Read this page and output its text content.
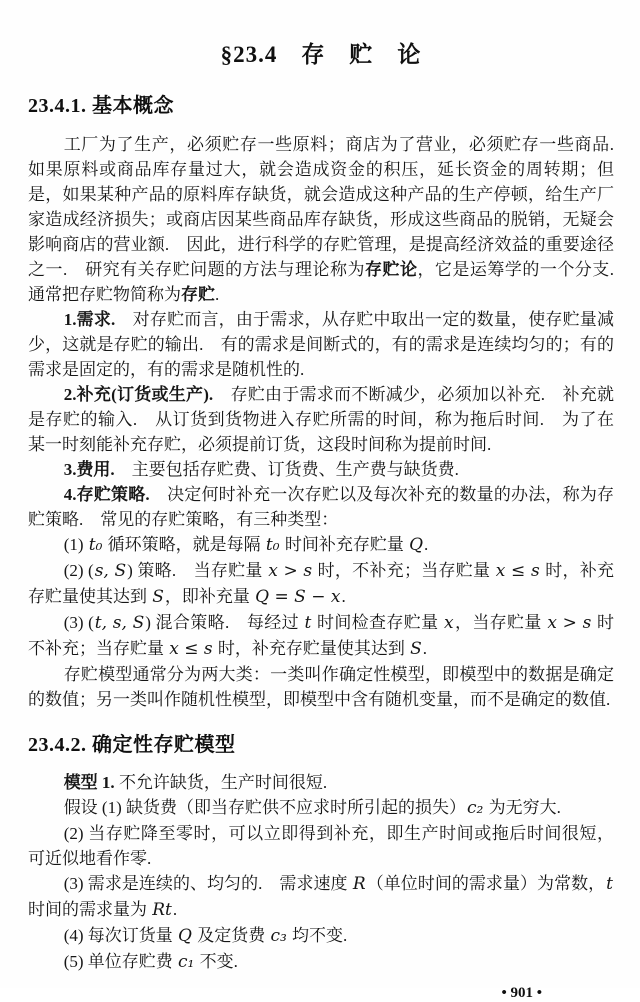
§23.4　存　贮　论
23.4.1. 基本概念

工厂为了生产，必须贮存一些原料；商店为了营业，必须贮存一些商品.　如果原料或商品库存量过大，就会造成资金的积压，延长资金的周转期；但是，如果某种产品的原料库存缺货，就会造成这种产品的生产停顿，给生产厂家造成经济损失；或商店因某些商品库存缺货，形成这些商品的脱销，无疑会影响商店的营业额.　因此，进行科学的存贮管理，是提高经济效益的重要途径之一.　研究有关存贮问题的方法与理论称为存贮论，它是运筹学的一个分支.　通常把存贮物简称为存贮.

1.需求.　对存贮而言，由于需求，从存贮中取出一定的数量，使存贮量减少，这就是存贮的输出.　有的需求是间断式的，有的需求是连续均匀的；有的需求是固定的，有的需求是随机性的.

2.补充(订货或生产).　存贮由于需求而不断减少，必须加以补充.　补充就是存贮的输入.　从订货到货物进入存贮所需的时间，称为拖后时间.　为了在某一时刻能补充存贮，必须提前订货，这段时间称为提前时间.

3.费用.　主要包括存贮费、订货费、生产费与缺货费.

4.存贮策略.　决定何时补充一次存贮以及每次补充的数量的办法，称为存贮策略.　常见的存贮策略，有三种类型：

(1) t₀ 循环策略，就是每隔 t₀ 时间补充存贮量 Q.

(2) (s, S) 策略.　当存贮量 x > s 时，不补充；当存贮量 x ≤ s 时，补充存贮量使其达到 S，即补充量 Q = S − x.

(3) (t, s, S) 混合策略.　每经过 t 时间检查存贮量 x，当存贮量 x > s 时不补充；当存贮量 x ≤ s 时，补充存贮量使其达到 S.

存贮模型通常分为两大类：一类叫作确定性模型，即模型中的数据是确定的数值；另一类叫作随机性模型，即模型中含有随机变量，而不是确定的数值.

23.4.2. 确定性存贮模型

模型 1. 不允许缺货，生产时间很短.

假设 (1) 缺货费（即当存贮供不应求时所引起的损失）c₂ 为无穷大.

(2) 当存贮降至零时，可以立即得到补充，即生产时间或拖后时间很短，可近似地看作零.

(3) 需求是连续的、均匀的.　需求速度 R（单位时间的需求量）为常数，t 时间的需求量为 Rt.

(4) 每次订货量 Q 及定货费 c₃ 均不变.

(5) 单位存贮费 c₁ 不变.

• 901 •
